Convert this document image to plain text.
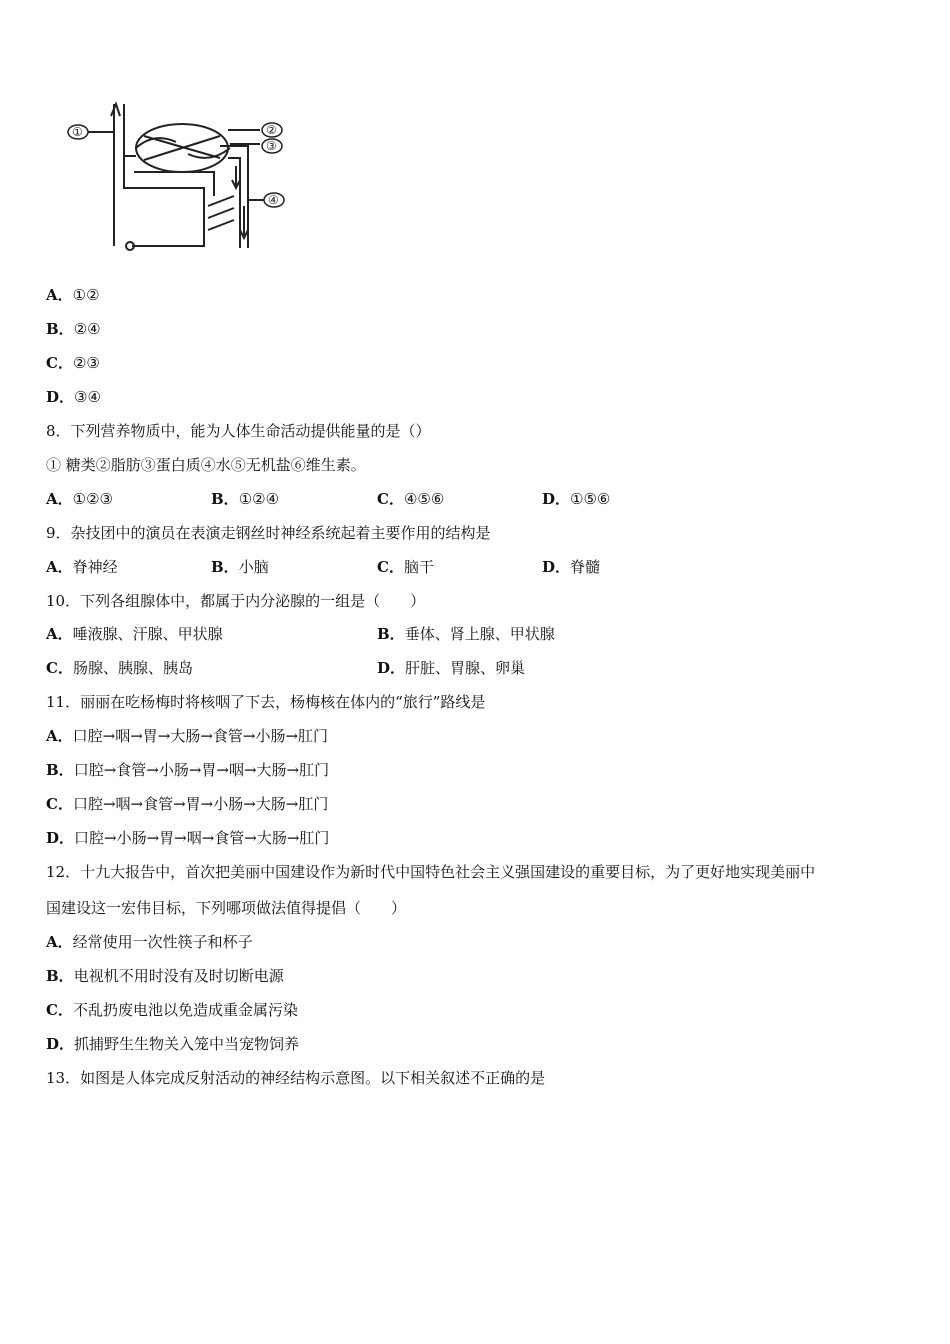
①	②
③
④
A．①②
B．②④
C．②③
D．③④
8．下列营养物质中，能为人体生命活动提供能量的是（）
① 糖类②脂肪③蛋白质④水⑤无机盐⑥维生素。
A．①②③	B．①②④	C．④⑤⑥	D．①⑤⑥
9．杂技团中的演员在表演走钢丝时神经系统起着主要作用的结构是
A．脊神经	B．小脑	C．脑干	D．脊髓
10．下列各组腺体中，都属于内分泌腺的一组是（　　）
A．唾液腺、汗腺、甲状腺	B．垂体、肾上腺、甲状腺
C．肠腺、胰腺、胰岛	D．肝脏、胃腺、卵巢
11．丽丽在吃杨梅时将核咽了下去，杨梅核在体内的“旅行”路线是
A．口腔→咽→胃→大肠→食管→小肠→肛门
B．口腔→食管→小肠→胃→咽→大肠→肛门
C．口腔→咽→食管→胃→小肠→大肠→肛门
D．口腔→小肠→胃→咽→食管→大肠→肛门
12．十九大报告中，首次把美丽中国建设作为新时代中国特色社会主义强国建设的重要目标，为了更好地实现美丽中
国建设这一宏伟目标，下列哪项做法值得提倡（　　）
A．经常使用一次性筷子和杯子
B．电视机不用时没有及时切断电源
C．不乱扔废电池以免造成重金属污染
D．抓捕野生生物关入笼中当宠物饲养
13．如图是人体完成反射活动的神经结构示意图。以下相关叙述不正确的是
